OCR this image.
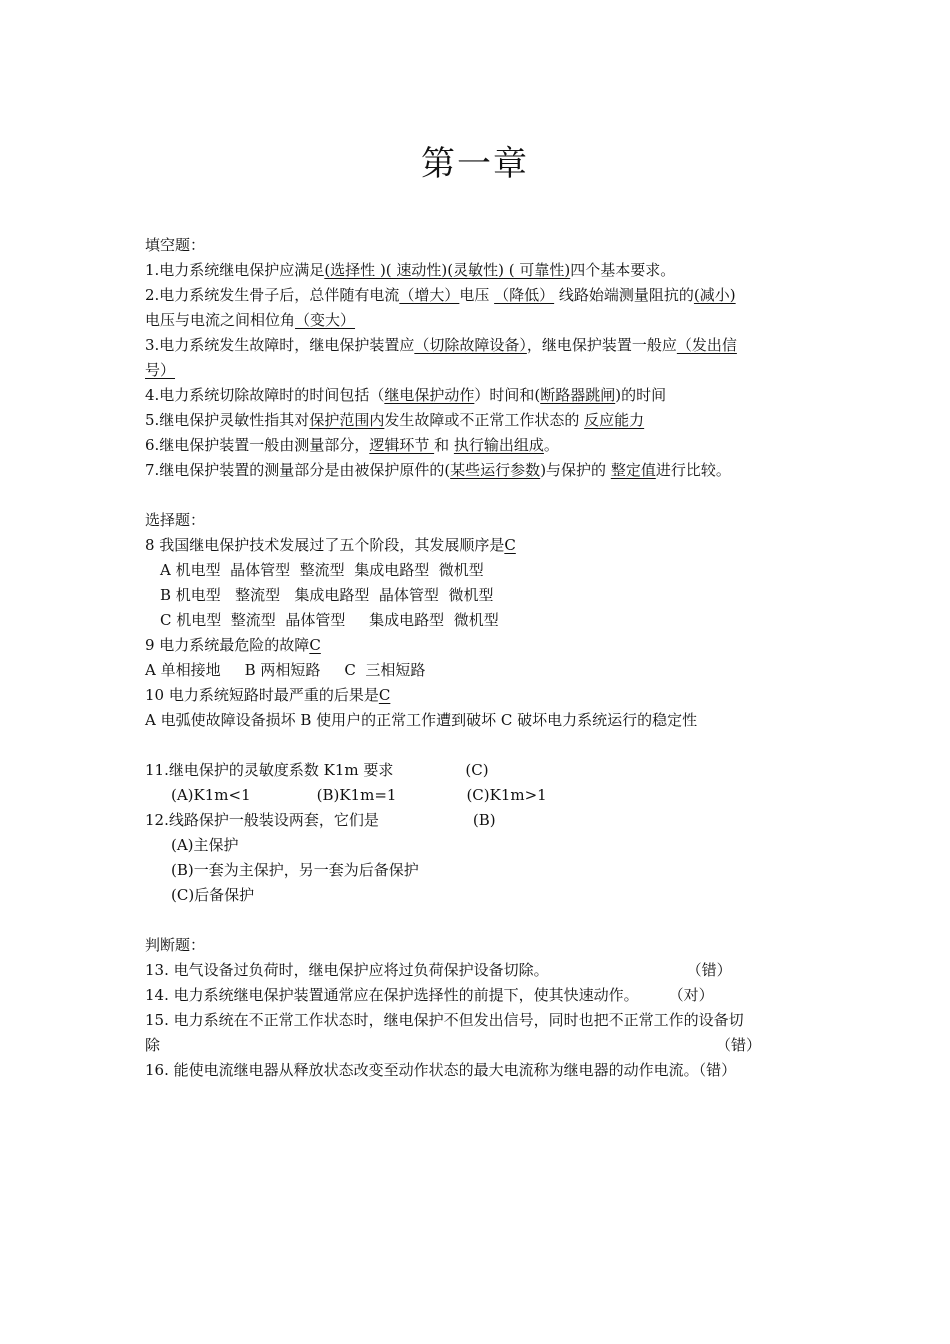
第一章
填空题：
1.电力系统继电保护应满足(选择性 )( 速动性)(灵敏性) ( 可靠性)四个基本要求。
2.电力系统发生骨子后，总伴随有电流（增大）电压 （降低） 线路始端测量阻抗的(减小)
电压与电流之间相位角（变大）
3.电力系统发生故障时，继电保护装置应（切除故障设备），继电保护装置一般应（发出信
号）
4.电力系统切除故障时的时间包括（继电保护动作）时间和(断路器跳闸)的时间
5.继电保护灵敏性指其对保护范围内发生故障或不正常工作状态的 反应能力
6.继电保护装置一般由测量部分，逻辑环节 和 执行输出组成。
7.继电保护装置的测量部分是由被保护原件的(某些运行参数)与保护的 整定值进行比较。
选择题：
8 我国继电保护技术发展过了五个阶段，其发展顺序是C
A 机电型  晶体管型  整流型  集成电路型  微机型
B 机电型   整流型   集成电路型  晶体管型  微机型
C 机电型  整流型  晶体管型     集成电路型  微机型
9 电力系统最危险的故障C
A 单相接地 B 两相短路 C  三相短路
10 电力系统短路时最严重的后果是C
A 电弧使故障设备损坏 B 使用户的正常工作遭到破坏 C 破坏电力系统运行的稳定性
11.继电保护的灵敏度系数 K1m 要求	(C)
(A)K1m<1	(B)K1m=1	(C)K1m>1
12.线路保护一般装设两套，它们是	(B)
(A)主保护
(B)一套为主保护，另一套为后备保护
(C)后备保护
判断题：
13. 电气设备过负荷时，继电保护应将过负荷保护设备切除。	（错）
14. 电力系统继电保护装置通常应在保护选择性的前提下，使其快速动作。 （对）
15. 电力系统在不正常工作状态时，继电保护不但发出信号，同时也把不正常工作的设备切
除	（错）
16. 能使电流继电器从释放状态改变至动作状态的最大电流称为继电器的动作电流。（错）
